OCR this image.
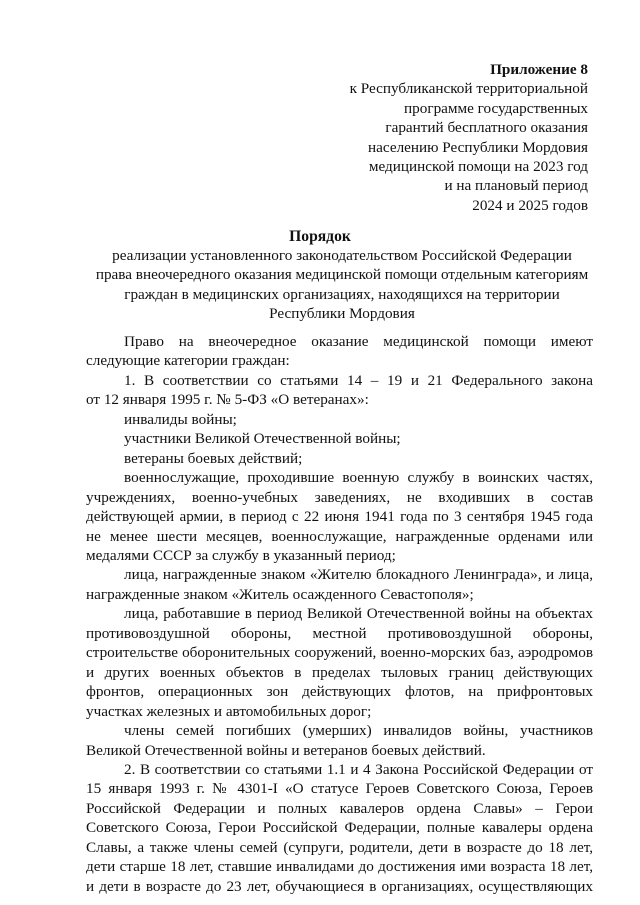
Приложение 8
к Республиканской территориальной
программе государственных
гарантий бесплатного оказания
населению Республики Мордовия
медицинской помощи на 2023 год
и на плановый период
2024 и 2025 годов
Порядок
реализации установленного законодательством Российской Федерации
права внеочередного оказания медицинской помощи отдельным категориям
граждан в медицинских организациях, находящихся на территории
Республики Мордовия
Право на внеочередное оказание медицинской помощи имеют
следующие категории граждан:
1. В соответствии со статьями 14 – 19 и 21 Федерального закона
от 12 января 1995 г. № 5-ФЗ «О ветеранах»:
инвалиды войны;
участники Великой Отечественной войны;
ветераны боевых действий;
военнослужащие, проходившие военную службу в воинских частях,
учреждениях, военно-учебных заведениях, не входивших в состав
действующей армии, в период с 22 июня 1941 года по 3 сентября 1945 года
не менее шести месяцев, военнослужащие, награжденные орденами или
медалями СССР за службу в указанный период;
лица, награжденные знаком «Жителю блокадного Ленинграда», и лица,
награжденные знаком «Житель осажденного Севастополя»;
лица, работавшие в период Великой Отечественной войны на объектах
противовоздушной обороны, местной противовоздушной обороны,
строительстве оборонительных сооружений, военно-морских баз, аэродромов
и других военных объектов в пределах тыловых границ действующих
фронтов, операционных зон действующих флотов, на прифронтовых
участках железных и автомобильных дорог;
члены семей погибших (умерших) инвалидов войны, участников
Великой Отечественной войны и ветеранов боевых действий.
2. В соответствии со статьями 1.1 и 4 Закона Российской Федерации от
15 января 1993 г. № 4301-I «О статусе Героев Советского Союза, Героев
Российской Федерации и полных кавалеров ордена Славы» – Герои
Советского Союза, Герои Российской Федерации, полные кавалеры ордена
Славы, а также члены семей (супруги, родители, дети в возрасте до 18 лет,
дети старше 18 лет, ставшие инвалидами до достижения ими возраста 18 лет,
и дети в возрасте до 23 лет, обучающиеся в организациях, осуществляющих
